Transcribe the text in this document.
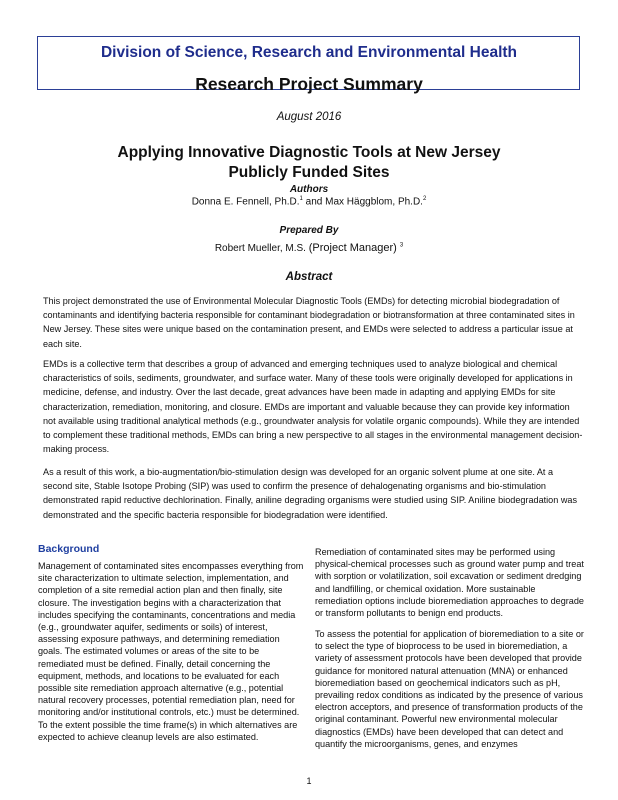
Division of Science, Research and Environmental Health
Research Project Summary
August 2016
Applying Innovative Diagnostic Tools at New Jersey
Publicly Funded Sites
Authors
Donna E. Fennell, Ph.D.$^1$ and Max Häggblom, Ph.D.$^2$
Prepared By
Robert Mueller, M.S. (Project Manager) $^3$
Abstract

This project demonstrated the use of Environmental Molecular Diagnostic Tools (EMDs) for detecting microbial biodegradation of contaminants and identifying bacteria responsible for contaminant biodegradation or biotransformation at three contaminated sites in New Jersey. These sites were unique based on the contamination present, and EMDs were selected to address a particular issue at each site.

EMDs is a collective term that describes a group of advanced and emerging techniques used to analyze biological and chemical characteristics of soils, sediments, groundwater, and surface water. Many of these tools were originally developed for applications in medicine, defense, and industry. Over the last decade, great advances have been made in adapting and applying EMDs for site characterization, remediation, monitoring, and closure. EMDs are important and valuable because they can provide key information not available using traditional analytical methods (e.g., groundwater analysis for volatile organic compounds). While they are intended to complement these traditional methods, EMDs can bring a new perspective to all stages in the environmental management decision-making process.

As a result of this work, a bio-augmentation/bio-stimulation design was developed for an organic solvent plume at one site. At a second site, Stable Isotope Probing (SIP) was used to confirm the presence of dehalogenating organisms and bio-stimulation demonstrated rapid reductive dechlorination. Finally, aniline degrading organisms were studied using SIP. Aniline biodegradation was demonstrated and the specific bacteria responsible for biodegradation were identified.

Background

Management of contaminated sites encompasses everything from site characterization to ultimate selection, implementation, and completion of a site remedial action plan and then finally, site closure. The investigation begins with a characterization that includes specifying the contaminants, concentrations and media (e.g., groundwater aquifer, sediments or soils) of interest, assessing exposure pathways, and determining remediation goals. The estimated volumes or areas of the site to be remediated must be defined. Finally, detail concerning the equipment, methods, and locations to be evaluated for each possible site remediation approach alternative (e.g., potential natural recovery processes, potential remediation plan, need for monitoring and/or institutional controls, etc.) must be determined. To the extent possible the time frame(s) in which alternatives are expected to achieve cleanup levels are also estimated.

Remediation of contaminated sites may be performed using physical-chemical processes such as ground water pump and treat with sorption or volatilization, soil excavation or sediment dredging and landfilling, or chemical oxidation. More sustainable remediation options include bioremediation approaches to degrade or transform pollutants to benign end products.

To assess the potential for application of bioremediation to a site or to select the type of bioprocess to be used in bioremediation, a variety of assessment protocols have been developed that provide guidance for monitored natural attenuation (MNA) or enhanced bioremediation based on geochemical indicators such as pH, prevailing redox conditions as indicated by the presence of various electron acceptors, and presence of transformation products of the original contaminant. Powerful new environmental molecular diagnostics (EMDs) have been developed that can detect and quantify the microorganisms, genes, and enzymes

1
